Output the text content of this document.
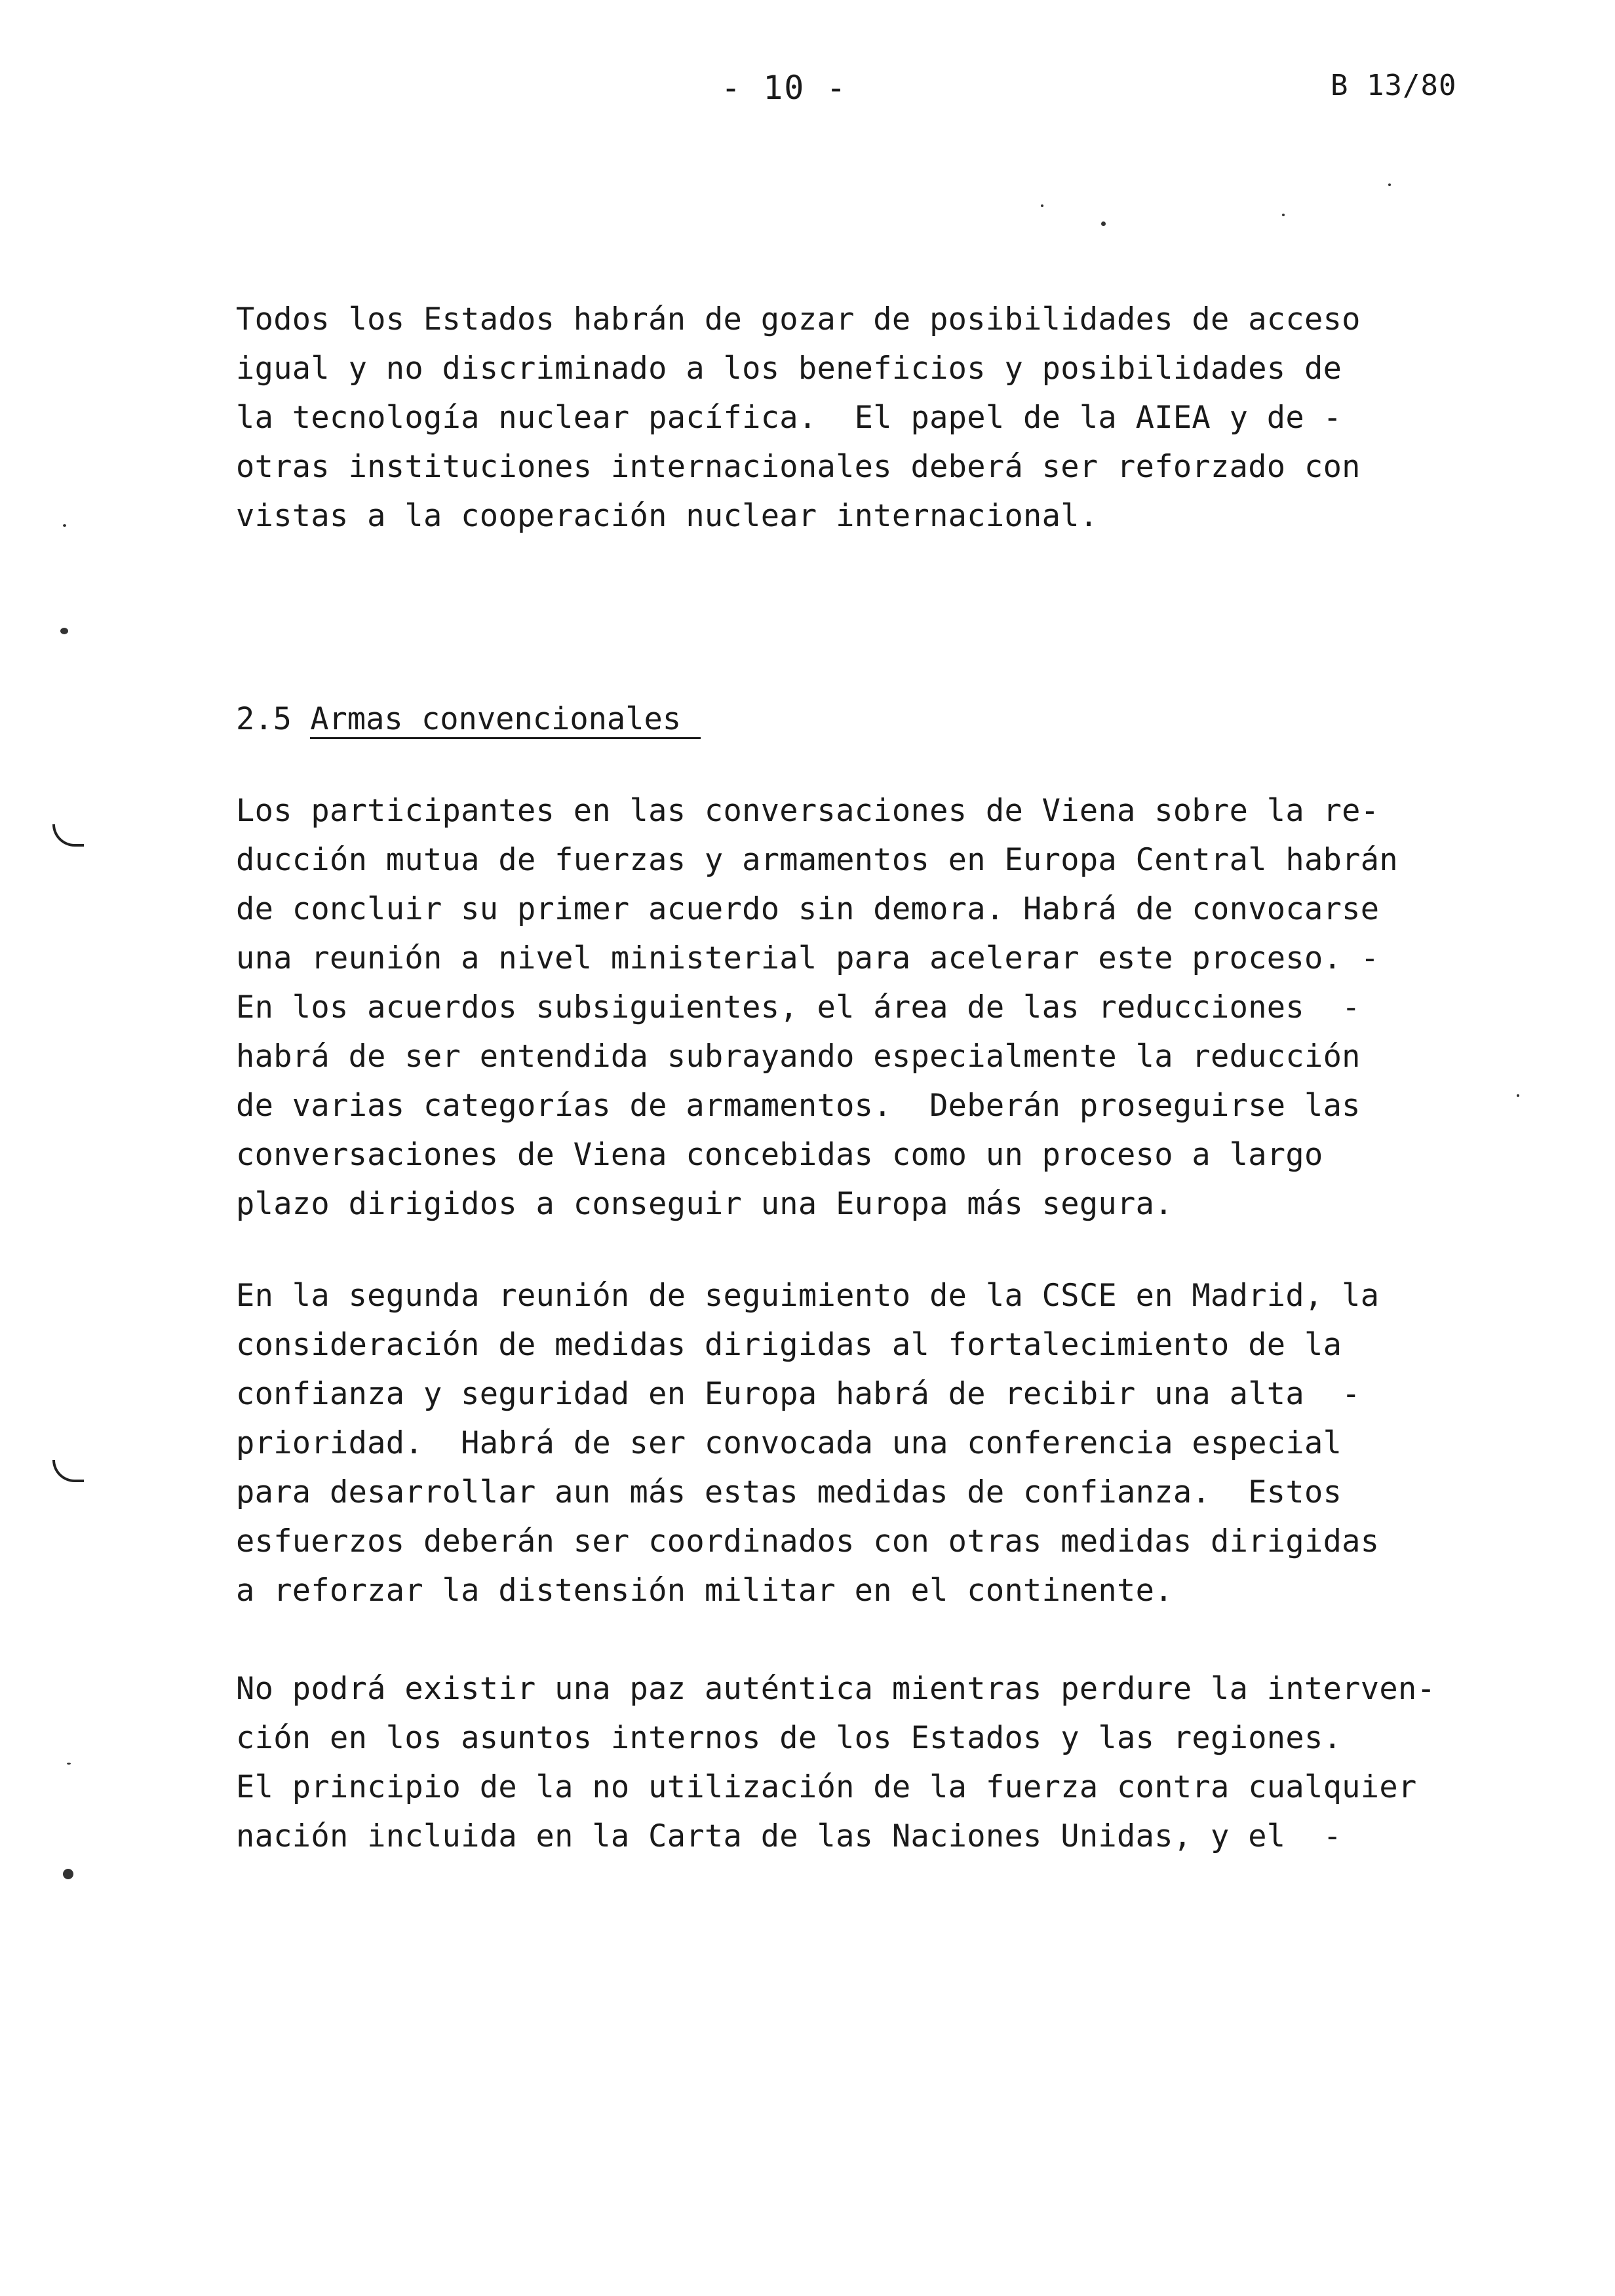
- 10 -	B 13/80
Todos los Estados habrán de gozar de posibilidades de acceso
igual y no discriminado a los beneficios y posibilidades de
la tecnología nuclear pacífica.  El papel de la AIEA y de -
otras instituciones internacionales deberá ser reforzado con
vistas a la cooperación nuclear internacional.
2.5 Armas convencionales
Los participantes en las conversaciones de Viena sobre la re-
ducción mutua de fuerzas y armamentos en Europa Central habrán
de concluir su primer acuerdo sin demora. Habrá de convocarse
una reunión a nivel ministerial para acelerar este proceso. -
En los acuerdos subsiguientes, el área de las reducciones  -
habrá de ser entendida subrayando especialmente la reducción
de varias categorías de armamentos.  Deberán proseguirse las
conversaciones de Viena concebidas como un proceso a largo
plazo dirigidos a conseguir una Europa más segura.
En la segunda reunión de seguimiento de la CSCE en Madrid, la
consideración de medidas dirigidas al fortalecimiento de la
confianza y seguridad en Europa habrá de recibir una alta  -
prioridad.  Habrá de ser convocada una conferencia especial
para desarrollar aun más estas medidas de confianza.  Estos
esfuerzos deberán ser coordinados con otras medidas dirigidas
a reforzar la distensión militar en el continente.
No podrá existir una paz auténtica mientras perdure la interven-
ción en los asuntos internos de los Estados y las regiones.
El principio de la no utilización de la fuerza contra cualquier
nación incluida en la Carta de las Naciones Unidas, y el  -
